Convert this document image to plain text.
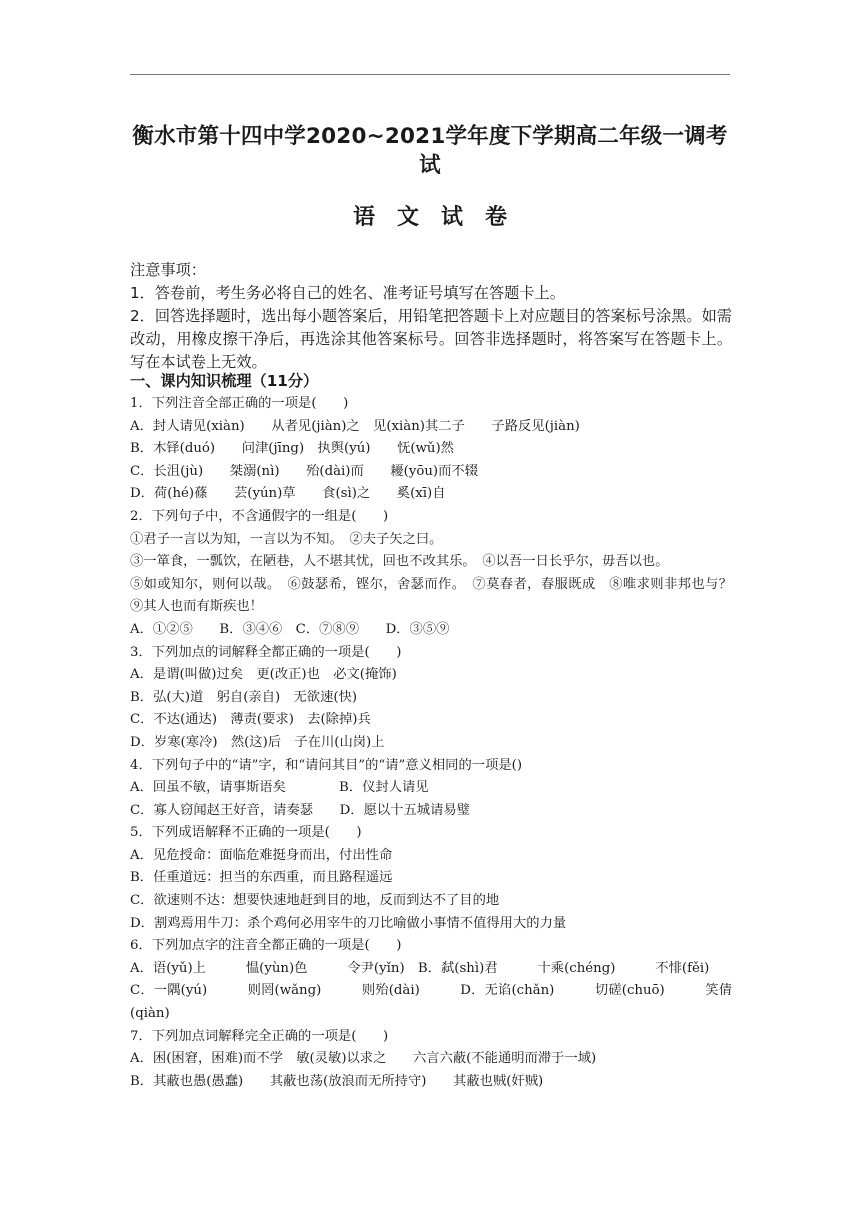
衡水市第十四中学2020~2021学年度下学期高二年级一调考试
语文试卷

注意事项：

1．答卷前，考生务必将自己的姓名、准考证号填写在答题卡上。

2．回答选择题时，选出每小题答案后，用铅笔把答题卡上对应题目的答案标号涂黑。如需改动，用橡皮擦干净后，再选涂其他答案标号。回答非选择题时，将答案写在答题卡上。写在本试卷上无效。

一、课内知识梳理（11分）
1．下列注音全部正确的一项是(　　)
A．封人请见(xiàn)　　从者见(jiàn)之　见(xiàn)其二子　　子路反见(jiàn)
B．木铎(duó)　　问津(jīng)　执舆(yú)　　怃(wǔ)然
C．长沮(jù)　　桀溺(nì)　　殆(dài)而　　耰(yōu)而不辍
D．荷(hé)蓧　　芸(yún)草　　食(sì)之　　奚(xī)自
2．下列句子中，不含通假字的一组是(　　)
①君子一言以为知，一言以为不知。　②夫子矢之曰。
③一箪食，一瓢饮，在陋巷，人不堪其忧，回也不改其乐。　④以吾一日长乎尔，毋吾以也。
⑤如或知尔，则何以哉。　⑥鼓瑟希，铿尔，舍瑟而作。　⑦莫春者，春服既成　⑧唯求则非邦也与？　⑨其人也而有斯疾也！
A．①②⑤　　B．③④⑥　C．⑦⑧⑨　　D．③⑤⑨
3．下列加点的词解释全都正确的一项是(　　)
A．是谓(叫做)过矣　更(改正)也　必文(掩饰)
B．弘(大)道　躬自(亲自)　无欲速(快)
C．不达(通达)　薄责(要求)　去(除掉)兵
D．岁寒(寒冷)　然(这)后　子在川(山岗)上
4．下列句子中的“请”字，和“请问其目”的“请”意义相同的一项是()
A．回虽不敏，请事斯语矣　　　　B．仪封人请见
C．寡人窃闻赵王好音，请奏瑟　　D．愿以十五城请易璧
5．下列成语解释不正确的一项是(　　)
A．见危授命：面临危难挺身而出，付出性命
B．任重道远：担当的东西重，而且路程遥远
C．欲速则不达：想要快速地赶到目的地，反而到达不了目的地
D．割鸡焉用牛刀：杀个鸡何必用宰牛的刀比喻做小事情不值得用大的力量
6．下列加点字的注音全都正确的一项是(　　)
A．语(yǔ)上　　　愠(yùn)色　　　令尹(yǐn)　B．弑(shì)君　　　十乘(chéng)　　　不悱(fěi)
C．一隅(yú)　　　则罔(wǎng)　　　则殆(dài)　　　D．无谄(chǎn)　　　切磋(chuō)　　　笑倩(qiàn)
7．下列加点词解释完全正确的一项是(　　)
A．困(困窘，困难)而不学　敏(灵敏)以求之　　六言六蔽(不能通明而滞于一域)
B．其蔽也愚(愚蠢)　　其蔽也荡(放浪而无所持守)　　其蔽也贼(奸贼)
